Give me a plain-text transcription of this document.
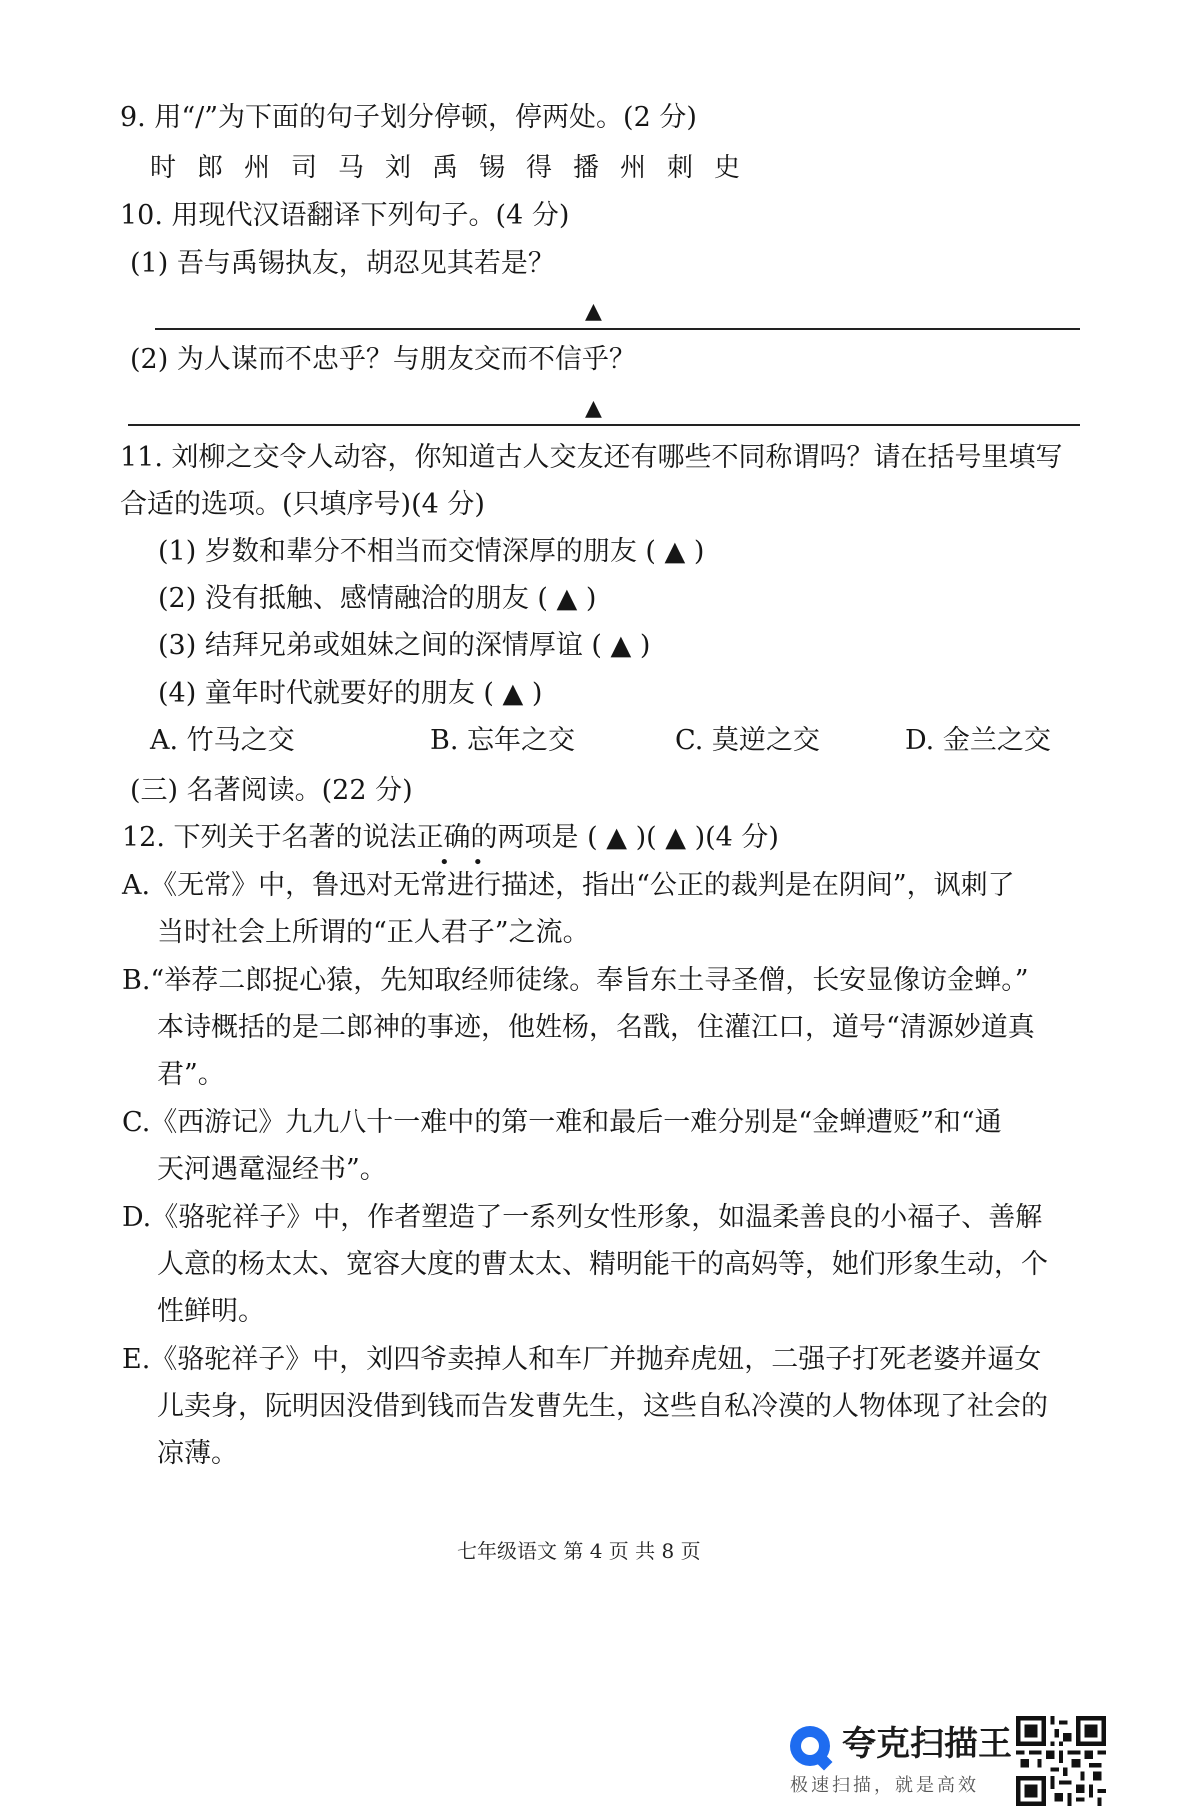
9. 用“/”为下面的句子划分停顿，停两处。(2 分)
时郎州司马刘禹锡得播州刺史
10. 用现代汉语翻译下列句子。(4 分)
(1) 吾与禹锡执友，胡忍见其若是？
▲
(2) 为人谋而不忠乎？与朋友交而不信乎？
▲
11. 刘柳之交令人动容，你知道古人交友还有哪些不同称谓吗？请在括号里填写
合适的选项。(只填序号)(4 分)
(1) 岁数和辈分不相当而交情深厚的朋友 ( ▲ )
(2) 没有抵触、感情融洽的朋友 ( ▲ )
(3) 结拜兄弟或姐妹之间的深情厚谊 ( ▲ )
(4) 童年时代就要好的朋友 ( ▲ )
A. 竹马之交	B. 忘年之交	C. 莫逆之交	D. 金兰之交
(三) 名著阅读。(22 分)
12. 下列关于名著的说法正确的两项是 ( ▲ )( ▲ )(4 分)
•    •
A.《无常》中，鲁迅对无常进行描述，指出“公正的裁判是在阴间”，讽刺了
当时社会上所谓的“正人君子”之流。
B.“举荐二郎捉心猿，先知取经师徒缘。奉旨东土寻圣僧，长安显像访金蝉。”
本诗概括的是二郎神的事迹，他姓杨，名戬，住灌江口，道号“清源妙道真
君”。
C.《西游记》九九八十一难中的第一难和最后一难分别是“金蝉遭贬”和“通
天河遇鼋湿经书”。
D.《骆驼祥子》中，作者塑造了一系列女性形象，如温柔善良的小福子、善解
人意的杨太太、宽容大度的曹太太、精明能干的高妈等，她们形象生动，个
性鲜明。
E.《骆驼祥子》中，刘四爷卖掉人和车厂并抛弃虎妞，二强子打死老婆并逼女
儿卖身，阮明因没借到钱而告发曹先生，这些自私冷漠的人物体现了社会的
凉薄。
七年级语文 第 4 页 共 8 页
夸克扫描王
极速扫描，就是高效
